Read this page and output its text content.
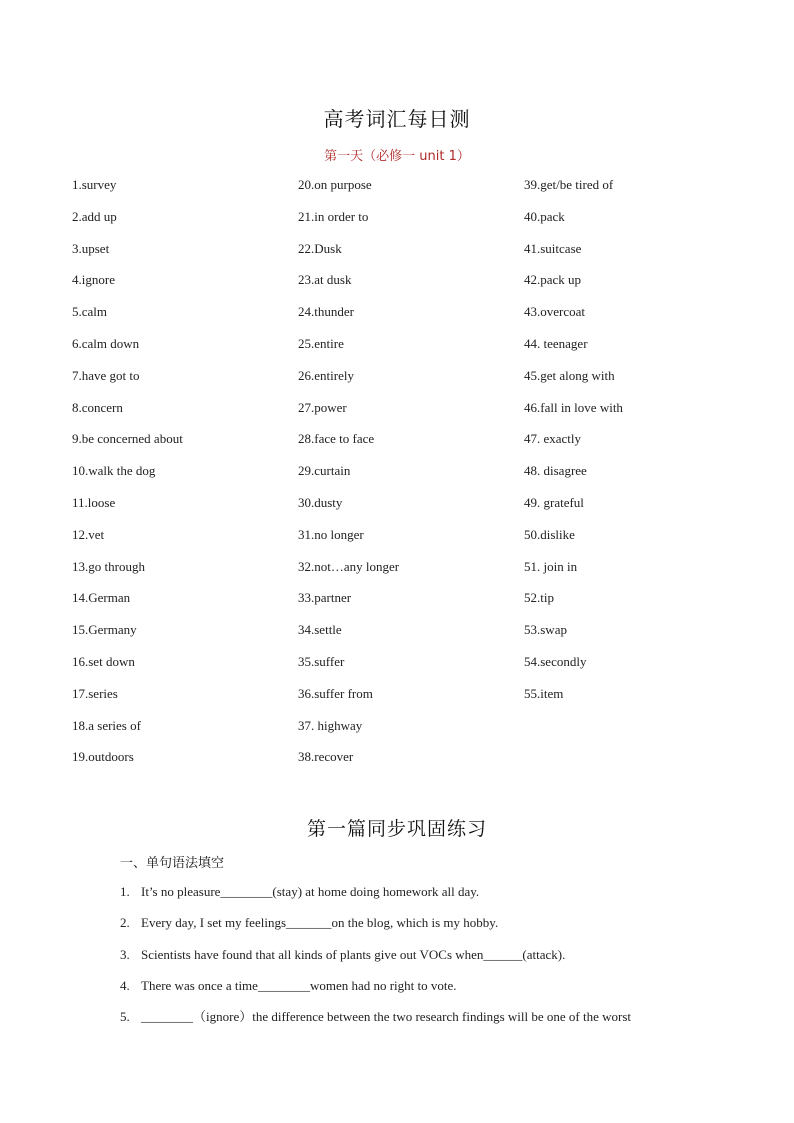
高考词汇每日测
第一天（必修一 unit 1）
1.survey
2.add up
3.upset
4.ignore
5.calm
6.calm down
7.have got to
8.concern
9.be concerned about
10.walk the dog
11.loose
12.vet
13.go through
14.German
15.Germany
16.set down
17.series
18.a series of
19.outdoors
20.on purpose
21.in order to
22.Dusk
23.at dusk
24.thunder
25.entire
26.entirely
27.power
28.face to face
29.curtain
30.dusty
31.no longer
32.not…any longer
33.partner
34.settle
35.suffer
36.suffer from
37. highway
38.recover
39.get/be tired of
40.pack
41.suitcase
42.pack up
43.overcoat
44. teenager
45.get along with
46.fall in love with
47. exactly
48. disagree
49. grateful
50.dislike
51. join in
52.tip
53.swap
54.secondly
55.item
第一篇同步巩固练习
一、单句语法填空
1. It’s no pleasure________(stay) at home doing homework all day.
2. Every day, I set my feelings_______on the blog, which is my hobby.
3. Scientists have found that all kinds of plants give out VOCs when______(attack).
4. There was once a time________women had no right to vote.
5. ________（ignore）the difference between the two research findings will be one of the worst
